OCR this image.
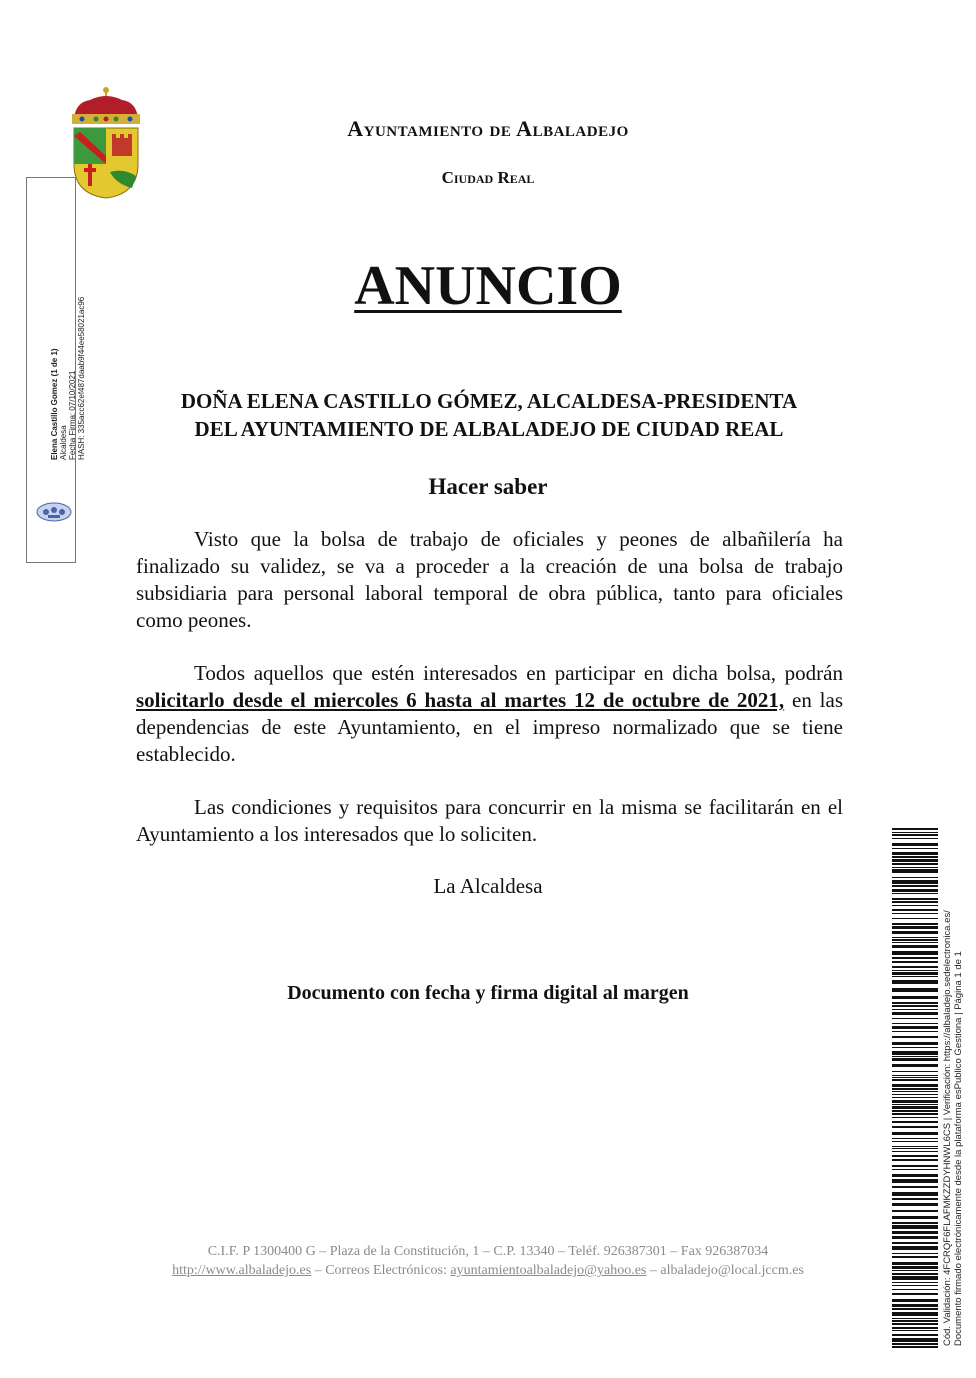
Ayuntamiento de Albaladejo
Ciudad Real
ANUNCIO
DOÑA ELENA CASTILLO GÓMEZ, ALCALDESA-PRESIDENTA
DEL AYUNTAMIENTO DE ALBALADEJO DE CIUDAD REAL
Hacer saber
Visto que la bolsa de trabajo de oficiales y peones de albañilería ha finalizado su validez, se va a proceder a la creación de una bolsa de trabajo subsidiaria para personal laboral temporal de obra pública, tanto para oficiales como peones.
Todos aquellos que estén interesados en participar en dicha bolsa, podrán solicitarlo desde el miercoles 6 hasta al martes 12 de octubre de 2021, en las dependencias de este Ayuntamiento, en el impreso normalizado que se tiene establecido.
Las condiciones y requisitos para concurrir en la misma se facilitarán en el Ayuntamiento a los interesados que lo soliciten.
La Alcaldesa
Documento con fecha y firma digital al margen
C.I.F. P 1300400 G – Plaza de la Constitución, 1 – C.P. 13340 – Teléf. 926387301 – Fax 926387034
http://www.albaladejo.es – Correos Electrónicos: ayuntamientoalbaladejo@yahoo.es – albaladejo@local.jccm.es
Elena Castillo Gomez (1 de 1) Alcaldesa Fecha Firma: 07/10/2021 HASH: 335acc62ef487daab9f44ee58021ac96
Cód. Validación: 4FCRQF6FLAFMKZZDYHNWL6CS | Verificación: https://albaladejo.sedelectronica.es/ Documento firmado electrónicamente desde la plataforma esPublico Gestiona | Página 1 de 1
